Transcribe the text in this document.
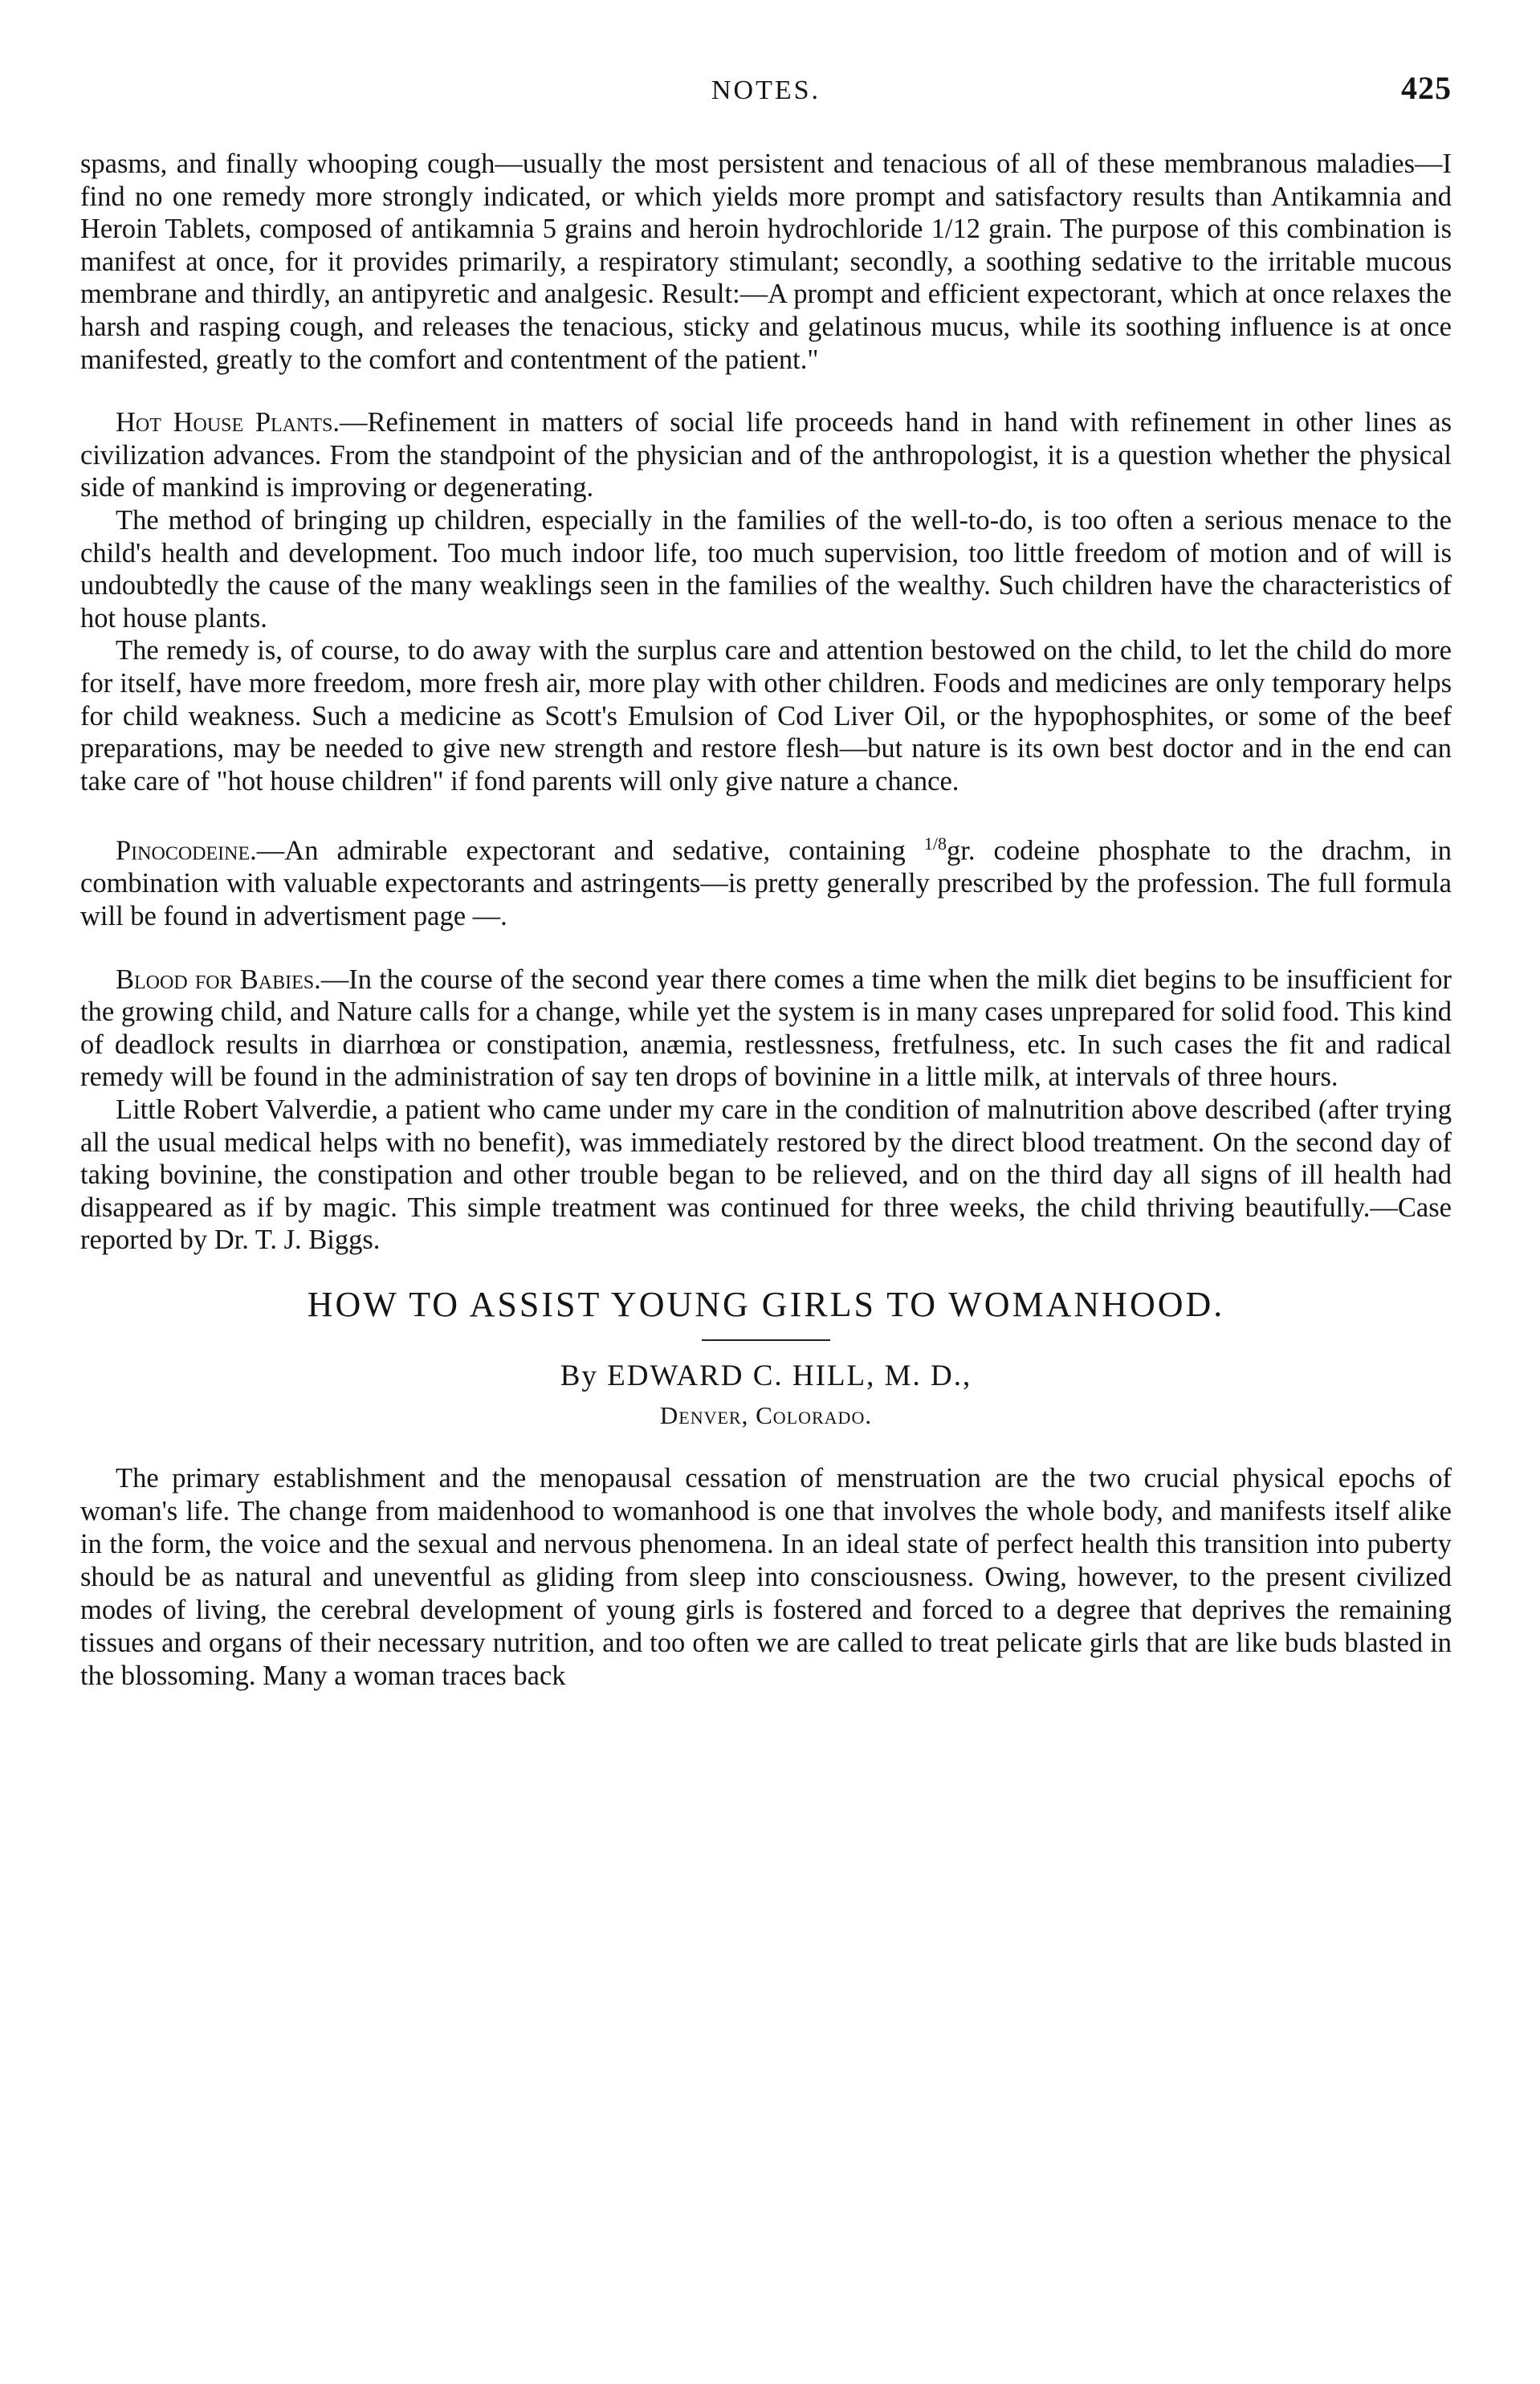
NOTES.	425

spasms, and finally whooping cough—usually the most persistent and tenacious of all of these membranous maladies—I find no one remedy more strongly indicated, or which yields more prompt and satisfactory results than Antikamnia and Heroin Tablets, composed of antikamnia 5 grains and heroin hydrochloride 1/12 grain. The purpose of this combination is manifest at once, for it provides primarily, a respiratory stimulant; secondly, a soothing sedative to the irritable mucous membrane and thirdly, an antipyretic and analgesic. Result:—A prompt and efficient expectorant, which at once relaxes the harsh and rasping cough, and releases the tenacious, sticky and gelatinous mucus, while its soothing influence is at once manifested, greatly to the comfort and contentment of the patient."

Hot House Plants.—Refinement in matters of social life proceeds hand in hand with refinement in other lines as civilization advances. From the standpoint of the physician and of the anthropologist, it is a question whether the physical side of mankind is improving or degenerating.

The method of bringing up children, especially in the families of the well-to-do, is too often a serious menace to the child's health and development. Too much indoor life, too much supervision, too little freedom of motion and of will is undoubtedly the cause of the many weaklings seen in the families of the wealthy. Such children have the characteristics of hot house plants.

The remedy is, of course, to do away with the surplus care and attention bestowed on the child, to let the child do more for itself, have more freedom, more fresh air, more play with other children. Foods and medicines are only temporary helps for child weakness. Such a medicine as Scott's Emulsion of Cod Liver Oil, or the hypophosphites, or some of the beef preparations, may be needed to give new strength and restore flesh—but nature is its own best doctor and in the end can take care of "hot house children" if fond parents will only give nature a chance.

Pinocodeine.—An admirable expectorant and sedative, containing $^{1/8}$gr. codeine phosphate to the drachm, in combination with valuable expectorants and astringents—is pretty generally prescribed by the profession. The full formula will be found in advertisment page —.

Blood for Babies.—In the course of the second year there comes a time when the milk diet begins to be insufficient for the growing child, and Nature calls for a change, while yet the system is in many cases unprepared for solid food. This kind of deadlock results in diarrhœa or constipation, anæmia, restlessness, fretfulness, etc. In such cases the fit and radical remedy will be found in the administration of say ten drops of bovinine in a little milk, at intervals of three hours.

Little Robert Valverdie, a patient who came under my care in the condition of malnutrition above described (after trying all the usual medical helps with no benefit), was immediately restored by the direct blood treatment. On the second day of taking bovinine, the constipation and other trouble began to be relieved, and on the third day all signs of ill health had disappeared as if by magic. This simple treatment was continued for three weeks, the child thriving beautifully.—Case reported by Dr. T. J. Biggs.

HOW TO ASSIST YOUNG GIRLS TO WOMANHOOD.
By EDWARD C. HILL, M. D.,
Denver, Colorado.

The primary establishment and the menopausal cessation of menstruation are the two crucial physical epochs of woman's life. The change from maidenhood to womanhood is one that involves the whole body, and manifests itself alike in the form, the voice and the sexual and nervous phenomena. In an ideal state of perfect health this transition into puberty should be as natural and uneventful as gliding from sleep into consciousness. Owing, however, to the present civilized modes of living, the cerebral development of young girls is fostered and forced to a degree that deprives the remaining tissues and organs of their necessary nutrition, and too often we are called to treat pelicate girls that are like buds blasted in the blossoming. Many a woman traces back
